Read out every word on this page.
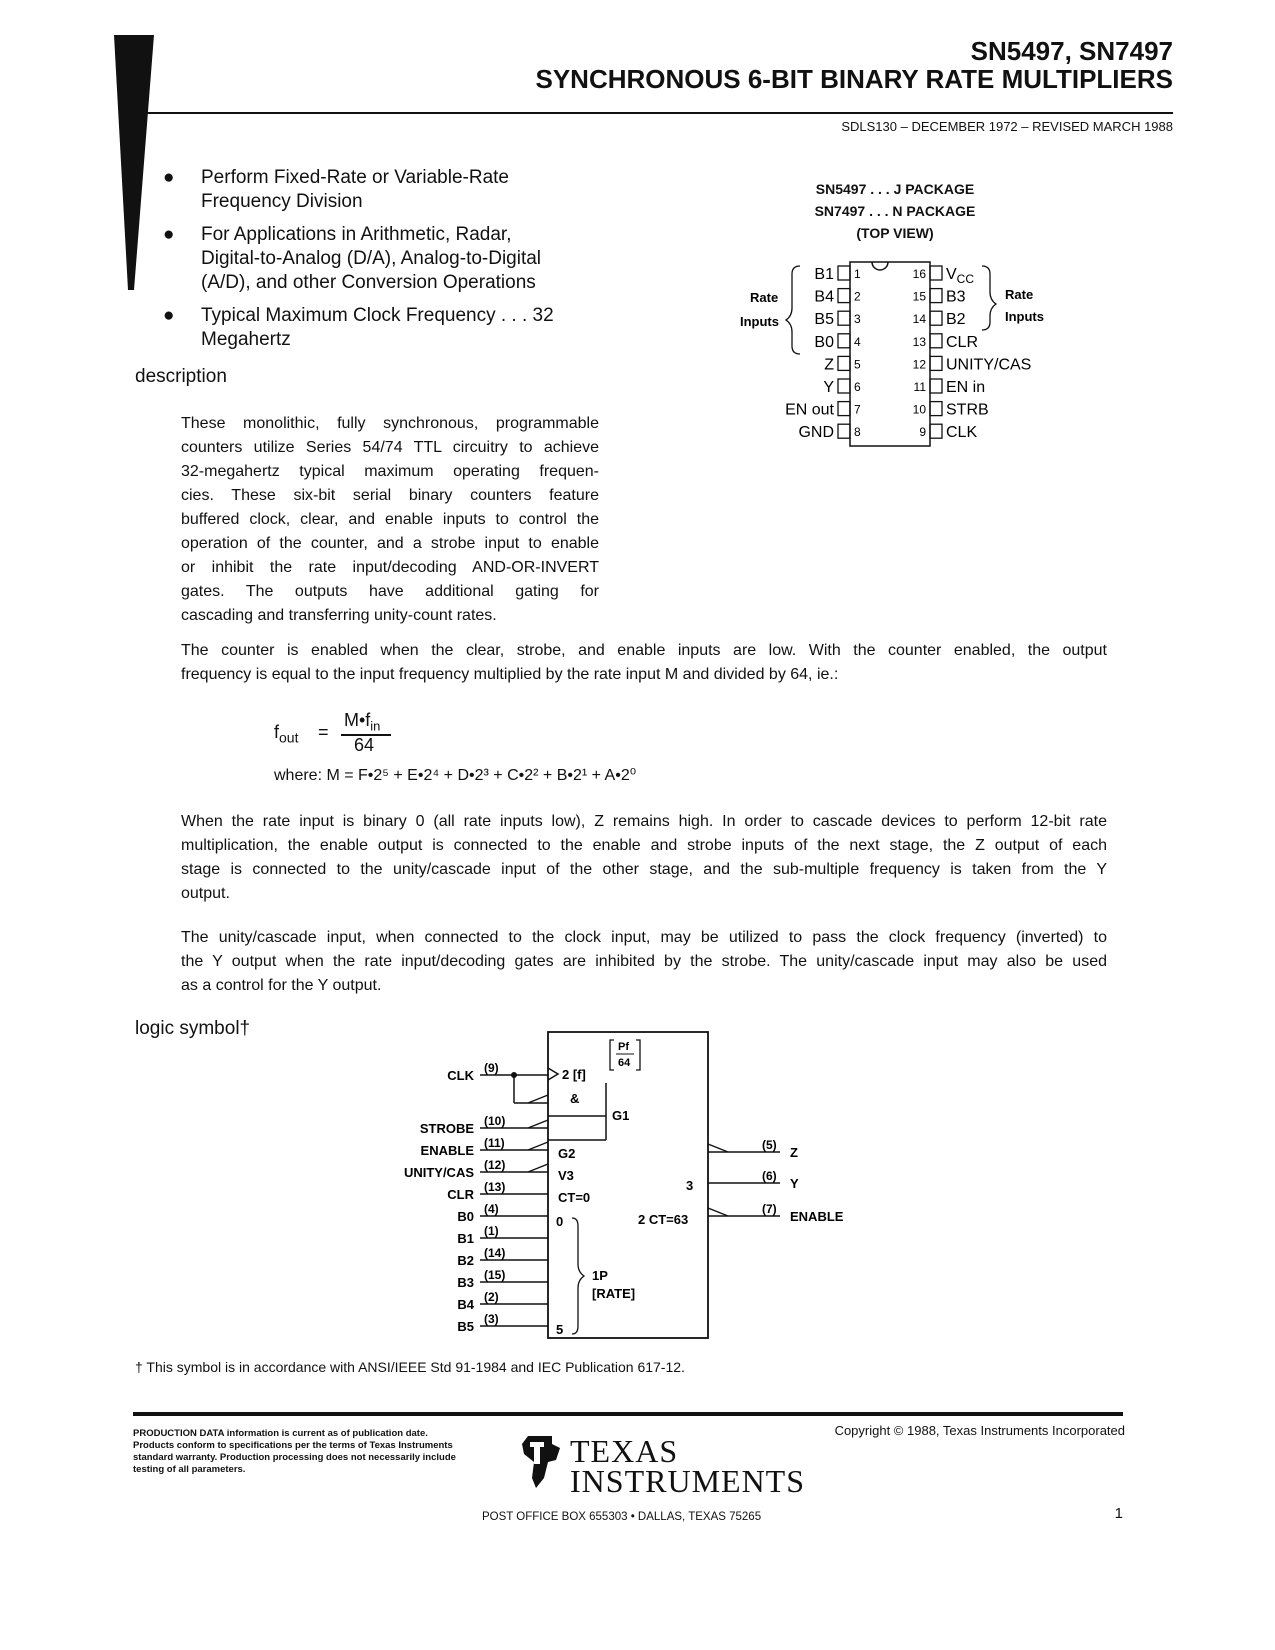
SN5497, SN7497
SYNCHRONOUS 6-BIT BINARY RATE MULTIPLIERS
SDLS130 – DECEMBER 1972 – REVISED MARCH 1988
● Perform Fixed-Rate or Variable-Rate
Frequency Division
● For Applications in Arithmetic, Radar,
Digital-to-Analog (D/A), Analog-to-Digital
(A/D), and other Conversion Operations
● Typical Maximum Clock Frequency . . . 32
Megahertz
SN5497 . . . J PACKAGE
SN7497 . . . N PACKAGE
(TOP VIEW)
Rate
Inputs
Rate
Inputs
1
B1
2
B4
3
B5
4
B0
5
Z
6
Y
7
EN out
8
GND
16 $V_{CC}$
15 B3
14 B2
13 CLR
12 UNITY/CAS
11 EN in
10 STRB
9 CLK
description
These monolithic, fully synchronous, programmable
counters utilize Series 54/74 TTL circuitry to achieve
32-megahertz typical maximum operating frequen-
cies. These six-bit serial binary counters feature
buffered clock, clear, and enable inputs to control the
operation of the counter, and a strobe input to enable
or inhibit the rate input/decoding AND-OR-INVERT
gates. The outputs have additional gating for
cascading and transferring unity-count rates.
The counter is enabled when the clear, strobe, and enable inputs are low. With the counter enabled, the output
frequency is equal to the input frequency multiplied by the rate input M and divided by 64, ie.:
$f_{out}$ =
$M•f_{in}$
64
where: M = F•2⁵ + E•2⁴ + D•2³ + C•2² + B•2¹ + A•2⁰
When the rate input is binary 0 (all rate inputs low), Z remains high. In order to cascade devices to perform 12-bit rate
multiplication, the enable output is connected to the enable and strobe inputs of the next stage, the Z output of each
stage is connected to the unity/cascade input of the other stage, and the sub-multiple frequency is taken from the Y
output.
The unity/cascade input, when connected to the clock input, may be utilized to pass the clock frequency (inverted) to
the Y output when the rate input/decoding gates are inhibited by the strobe. The unity/cascade input may also be used
as a control for the Y output.
logic symbol†
Pf
64
2 [f]
&
G1
G2
V3
CT=0
0
3
2 CT=63
1P
[RATE]
5
CLK (9)
STROBE (10)
ENABLE (11)
UNITY/CAS (12)
CLR (13)
B0 (4)
B1 (1)
B2 (14)
B3 (15)
B4 (2)
B5 (3)
(5) Z
(6) Y
(7) ENABLE
† This symbol is in accordance with ANSI/IEEE Std 91-1984 and IEC Publication 617-12.
PRODUCTION DATA information is current as of publication date.
Products conform to specifications per the terms of Texas Instruments
standard warranty. Production processing does not necessarily include
testing of all parameters.
Copyright © 1988, Texas Instruments Incorporated
TEXAS
INSTRUMENTS
POST OFFICE BOX 655303 • DALLAS, TEXAS 75265	1
